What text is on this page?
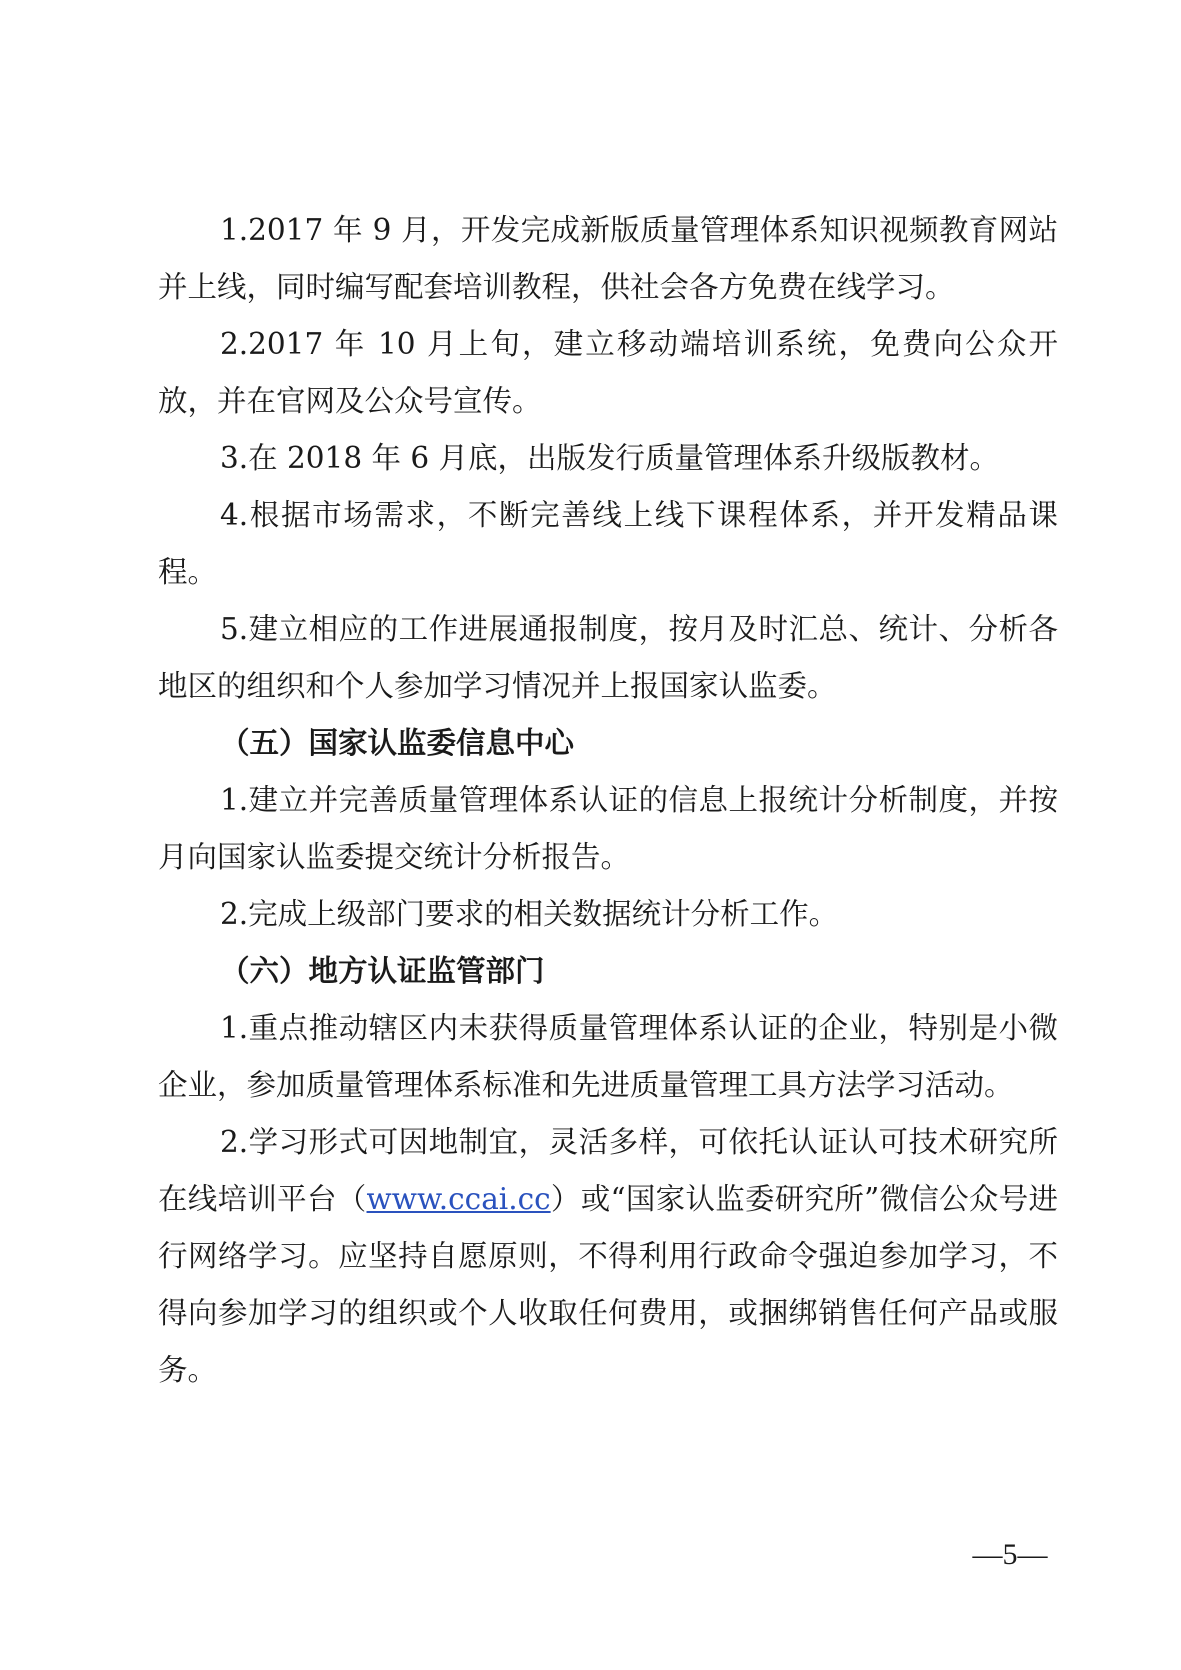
1.2017 年 9 月，开发完成新版质量管理体系知识视频教育网站并上线，同时编写配套培训教程，供社会各方免费在线学习。

2.2017 年 10 月上旬，建立移动端培训系统，免费向公众开放，并在官网及公众号宣传。

3.在 2018 年 6 月底，出版发行质量管理体系升级版教材。

4.根据市场需求，不断完善线上线下课程体系，并开发精品课程。

5.建立相应的工作进展通报制度，按月及时汇总、统计、分析各地区的组织和个人参加学习情况并上报国家认监委。

（五）国家认监委信息中心

1.建立并完善质量管理体系认证的信息上报统计分析制度，并按月向国家认监委提交统计分析报告。

2.完成上级部门要求的相关数据统计分析工作。

（六）地方认证监管部门

1.重点推动辖区内未获得质量管理体系认证的企业，特别是小微企业，参加质量管理体系标准和先进质量管理工具方法学习活动。

2.学习形式可因地制宜，灵活多样，可依托认证认可技术研究所在线培训平台（www.ccai.cc）或“国家认监委研究所”微信公众号进行网络学习。应坚持自愿原则，不得利用行政命令强迫参加学习，不得向参加学习的组织或个人收取任何费用，或捆绑销售任何产品或服务。

—5—
